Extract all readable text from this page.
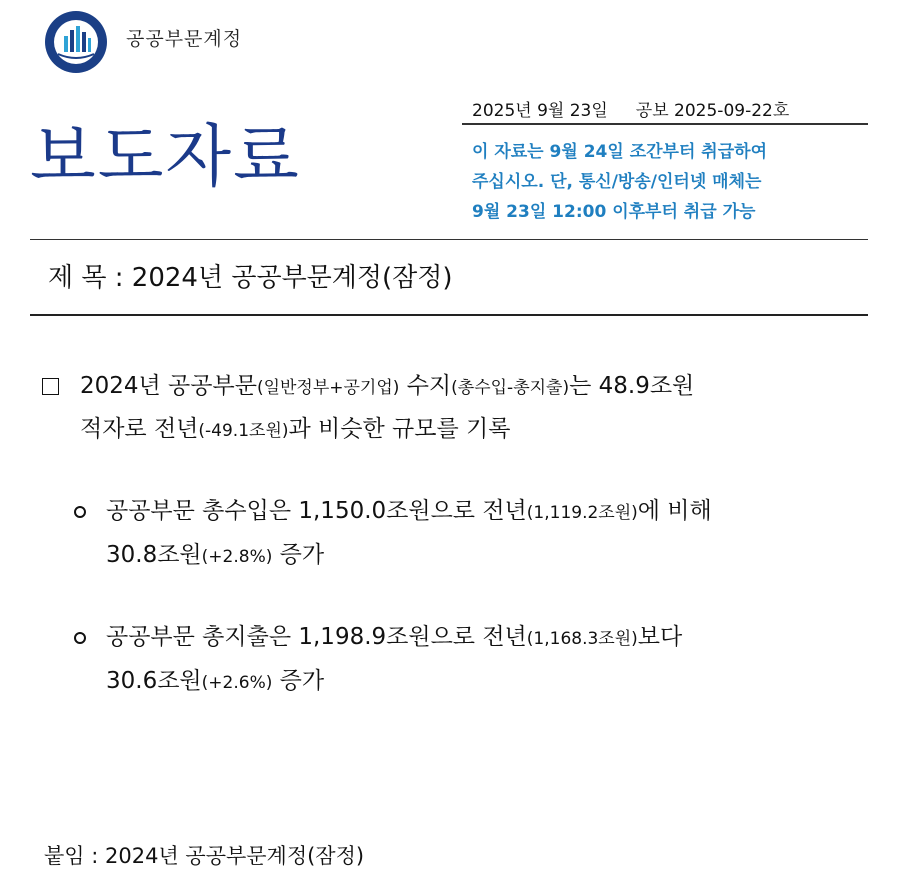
공공부문계정
2025년 9월 23일 공보 2025-09-22호
보도자료	이 자료는 9월 24일 조간부터 취급하여
주십시오. 단, 통신/방송/인터넷 매체는
9월 23일 12:00 이후부터 취급 가능
제 목 : 2024년 공공부문계정(잠정)
2024년 공공부문(일반정부+공기업) 수지(총수입-총지출)는 48.9조원
적자로 전년(-49.1조원)과 비슷한 규모를 기록
공공부문 총수입은 1,150.0조원으로 전년(1,119.2조원)에 비해
30.8조원(+2.8%) 증가
공공부문 총지출은 1,198.9조원으로 전년(1,168.3조원)보다
30.6조원(+2.6%) 증가
붙임 : 2024년 공공부문계정(잠정)
